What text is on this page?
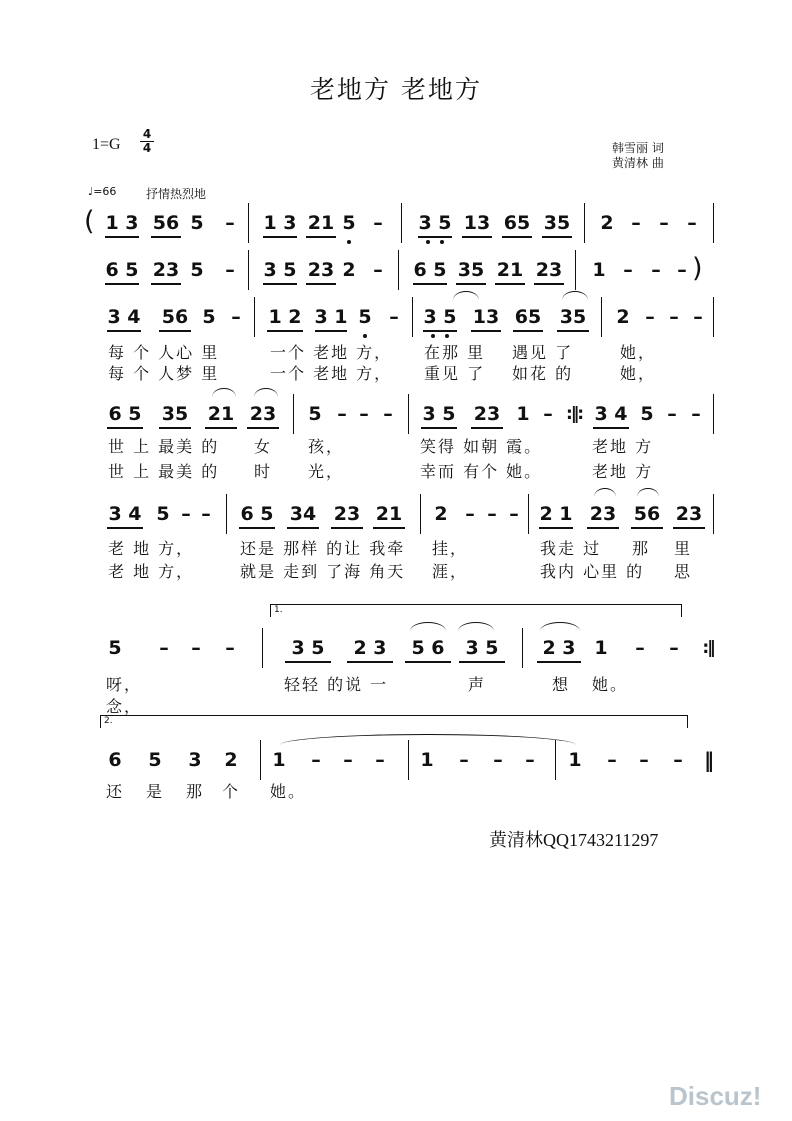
老地方 老地方
1=G
4
4	韩雪丽 词
黄清林 曲
♩=66 抒情热烈地
( 1 3 56 5 – 1 3 21 5 – 3 5 13 65 35 2 – – –
6 5 23 5 – 3 5 23 2 – 6 5 35 21 23 1 – – – )
3 4 56 5 – 1 2 3 1 5 – 3 5 13 65 35 2 – – –
每 个 人心 里	一个 老地 方， 在那 里 遇见 了	她，
每 个 人梦 里	一个 老地 方， 重见 了 如花 的	她，
6 5 35 21 23 5 – – – 3 5 23 1 – :‖: 3 4 5 – –
世 上 最美 的 女 孩，	笑得 如朝 霞。	老地 方
世 上 最美 的 时 光，	幸而 有个 她。	老地 方
3 4 5 – – 6 5 34 23 21 2 – – – 2 1 23 56 23
老 地 方，	还是 那样 的让 我牵 挂，	我走 过 那 里
老 地 方，	就是 走到 了海 角天 涯，	我内 心里 的 思
1.
5 – – –	3 5	2 3	5 6	3 5	2 3 1 – –	:‖
呀，	轻轻 的说 一	声	想 她。
念，
2.
6 5 3 2 1 – – – 1 – – – 1 – – – ‖
还 是 那 个 她。
黄清林QQ1743211297
Discuz!
